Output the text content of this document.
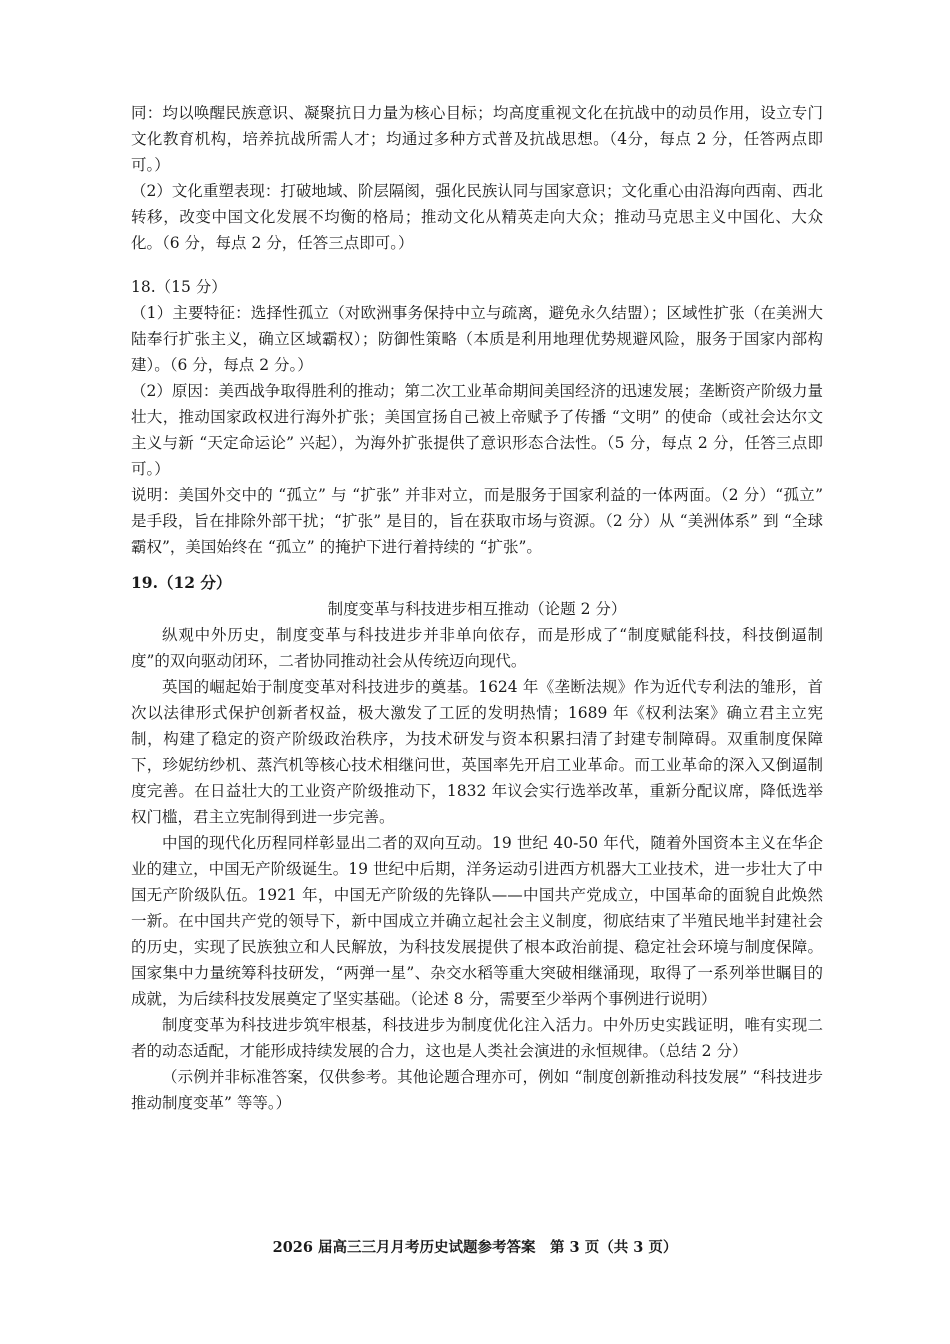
同：均以唤醒民族意识、凝聚抗日力量为核心目标；均高度重视文化在抗战中的动员作用，设立专门文化教育机构，培养抗战所需人才；均通过多种方式普及抗战思想。（4分，每点 2 分，任答两点即可。）

（2）文化重塑表现：打破地域、阶层隔阂，强化民族认同与国家意识；文化重心由沿海向西南、西北转移，改变中国文化发展不均衡的格局；推动文化从精英走向大众；推动马克思主义中国化、大众化。（6 分，每点 2 分，任答三点即可。）

18.（15 分）

（1）主要特征：选择性孤立（对欧洲事务保持中立与疏离，避免永久结盟）；区域性扩张（在美洲大陆奉行扩张主义，确立区域霸权）；防御性策略（本质是利用地理优势规避风险，服务于国家内部构建）。（6 分，每点 2 分。）

（2）原因：美西战争取得胜利的推动；第二次工业革命期间美国经济的迅速发展；垄断资产阶级力量壮大，推动国家政权进行海外扩张；美国宣扬自己被上帝赋予了传播 “文明” 的使命（或社会达尔文主义与新 “天定命运论” 兴起），为海外扩张提供了意识形态合法性。（5 分，每点 2 分，任答三点即可。）

说明：美国外交中的 “孤立” 与 “扩张” 并非对立，而是服务于国家利益的一体两面。（2 分）“孤立” 是手段，旨在排除外部干扰；“扩张” 是目的，旨在获取市场与资源。（2 分）从 “美洲体系” 到 “全球霸权”，美国始终在 “孤立” 的掩护下进行着持续的 “扩张”。

19.（12 分）

制度变革与科技进步相互推动（论题 2 分）

纵观中外历史，制度变革与科技进步并非单向依存，而是形成了“制度赋能科技，科技倒逼制度”的双向驱动闭环，二者协同推动社会从传统迈向现代。

英国的崛起始于制度变革对科技进步的奠基。1624 年《垄断法规》作为近代专利法的雏形，首次以法律形式保护创新者权益，极大激发了工匠的发明热情；1689 年《权利法案》确立君主立宪制，构建了稳定的资产阶级政治秩序，为技术研发与资本积累扫清了封建专制障碍。双重制度保障下，珍妮纺纱机、蒸汽机等核心技术相继问世，英国率先开启工业革命。而工业革命的深入又倒逼制度完善。在日益壮大的工业资产阶级推动下，1832 年议会实行选举改革，重新分配议席，降低选举权门槛，君主立宪制得到进一步完善。

中国的现代化历程同样彰显出二者的双向互动。19 世纪 40-50 年代，随着外国资本主义在华企业的建立，中国无产阶级诞生。19 世纪中后期，洋务运动引进西方机器大工业技术，进一步壮大了中国无产阶级队伍。1921 年，中国无产阶级的先锋队——中国共产党成立，中国革命的面貌自此焕然一新。在中国共产党的领导下，新中国成立并确立起社会主义制度，彻底结束了半殖民地半封建社会的历史，实现了民族独立和人民解放，为科技发展提供了根本政治前提、稳定社会环境与制度保障。国家集中力量统筹科技研发，“两弹一星”、杂交水稻等重大突破相继涌现，取得了一系列举世瞩目的成就，为后续科技发展奠定了坚实基础。（论述 8 分，需要至少举两个事例进行说明）

制度变革为科技进步筑牢根基，科技进步为制度优化注入活力。中外历史实践证明，唯有实现二者的动态适配，才能形成持续发展的合力，这也是人类社会演进的永恒规律。（总结 2 分）

（示例并非标准答案，仅供参考。其他论题合理亦可，例如 “制度创新推动科技发展” “科技进步推动制度变革” 等等。）

2026 届高三三月月考历史试题参考答案　第 3 页（共 3 页）
